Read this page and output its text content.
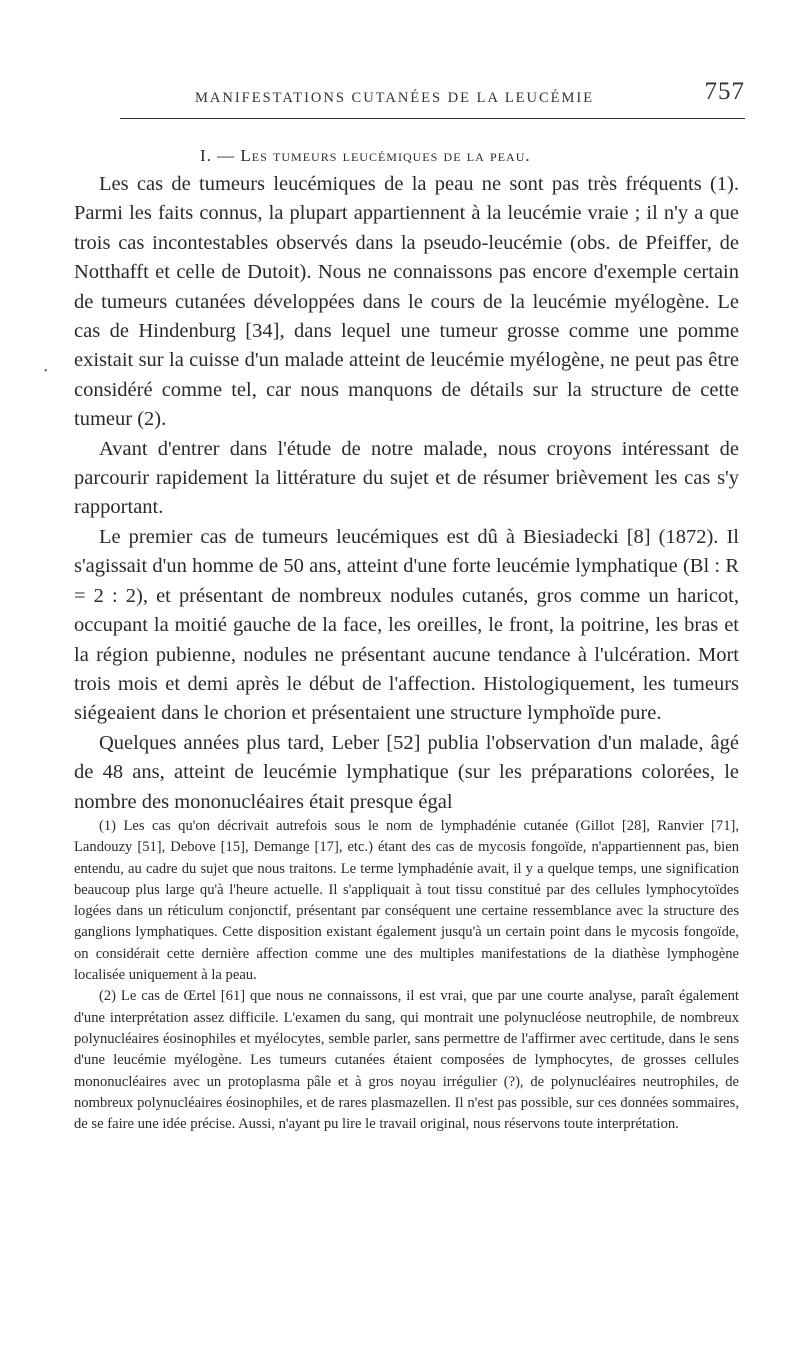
MANIFESTATIONS CUTANÉES DE LA LEUCÉMIE	757
I. — Les tumeurs leucémiques de la peau.
•

Les cas de tumeurs leucémiques de la peau ne sont pas très fréquents (1). Parmi les faits connus, la plupart appartiennent à la leucémie vraie ; il n'y a que trois cas incontestables observés dans la pseudo-leucémie (obs. de Pfeiffer, de Notthafft et celle de Dutoit). Nous ne connaissons pas encore d'exemple certain de tumeurs cutanées développées dans le cours de la leucémie myélogène. Le cas de Hindenburg [34], dans lequel une tumeur grosse comme une pomme existait sur la cuisse d'un malade atteint de leucémie myélogène, ne peut pas être considéré comme tel, car nous manquons de détails sur la structure de cette tumeur (2).

Avant d'entrer dans l'étude de notre malade, nous croyons intéressant de parcourir rapidement la littérature du sujet et de résumer brièvement les cas s'y rapportant.

Le premier cas de tumeurs leucémiques est dû à Biesiadecki [8] (1872). Il s'agissait d'un homme de 50 ans, atteint d'une forte leucémie lymphatique (Bl : R = 2 : 2), et présentant de nombreux nodules cutanés, gros comme un haricot, occupant la moitié gauche de la face, les oreilles, le front, la poitrine, les bras et la région pubienne, nodules ne présentant aucune tendance à l'ulcération. Mort trois mois et demi après le début de l'affection. Histologiquement, les tumeurs siégeaient dans le chorion et présentaient une structure lymphoïde pure.

Quelques années plus tard, Leber [52] publia l'observation d'un malade, âgé de 48 ans, atteint de leucémie lymphatique (sur les préparations colorées, le nombre des mononucléaires était presque égal

(1) Les cas qu'on décrivait autrefois sous le nom de lymphadénie cutanée (Gillot [28], Ranvier [71], Landouzy [51], Debove [15], Demange [17], etc.) étant des cas de mycosis fongoïde, n'appartiennent pas, bien entendu, au cadre du sujet que nous traitons. Le terme lymphadénie avait, il y a quelque temps, une signification beaucoup plus large qu'à l'heure actuelle. Il s'appliquait à tout tissu constitué par des cellules lymphocytoïdes logées dans un réticulum conjonctif, présentant par conséquent une certaine ressemblance avec la structure des ganglions lymphatiques. Cette disposition existant également jusqu'à un certain point dans le mycosis fongoïde, on considérait cette dernière affection comme une des multiples manifestations de la diathèse lymphogène localisée uniquement à la peau.

(2) Le cas de Œrtel [61] que nous ne connaissons, il est vrai, que par une courte analyse, paraît également d'une interprétation assez difficile. L'examen du sang, qui montrait une polynucléose neutrophile, de nombreux polynucléaires éosinophiles et myélocytes, semble parler, sans permettre de l'affirmer avec certitude, dans le sens d'une leucémie myélogène. Les tumeurs cutanées étaient composées de lymphocytes, de grosses cellules mononucléaires avec un protoplasma pâle et à gros noyau irrégulier (?), de polynucléaires neutrophiles, de nombreux polynucléaires éosinophiles, et de rares plasmazellen. Il n'est pas possible, sur ces données sommaires, de se faire une idée précise. Aussi, n'ayant pu lire le travail original, nous réservons toute interprétation.
